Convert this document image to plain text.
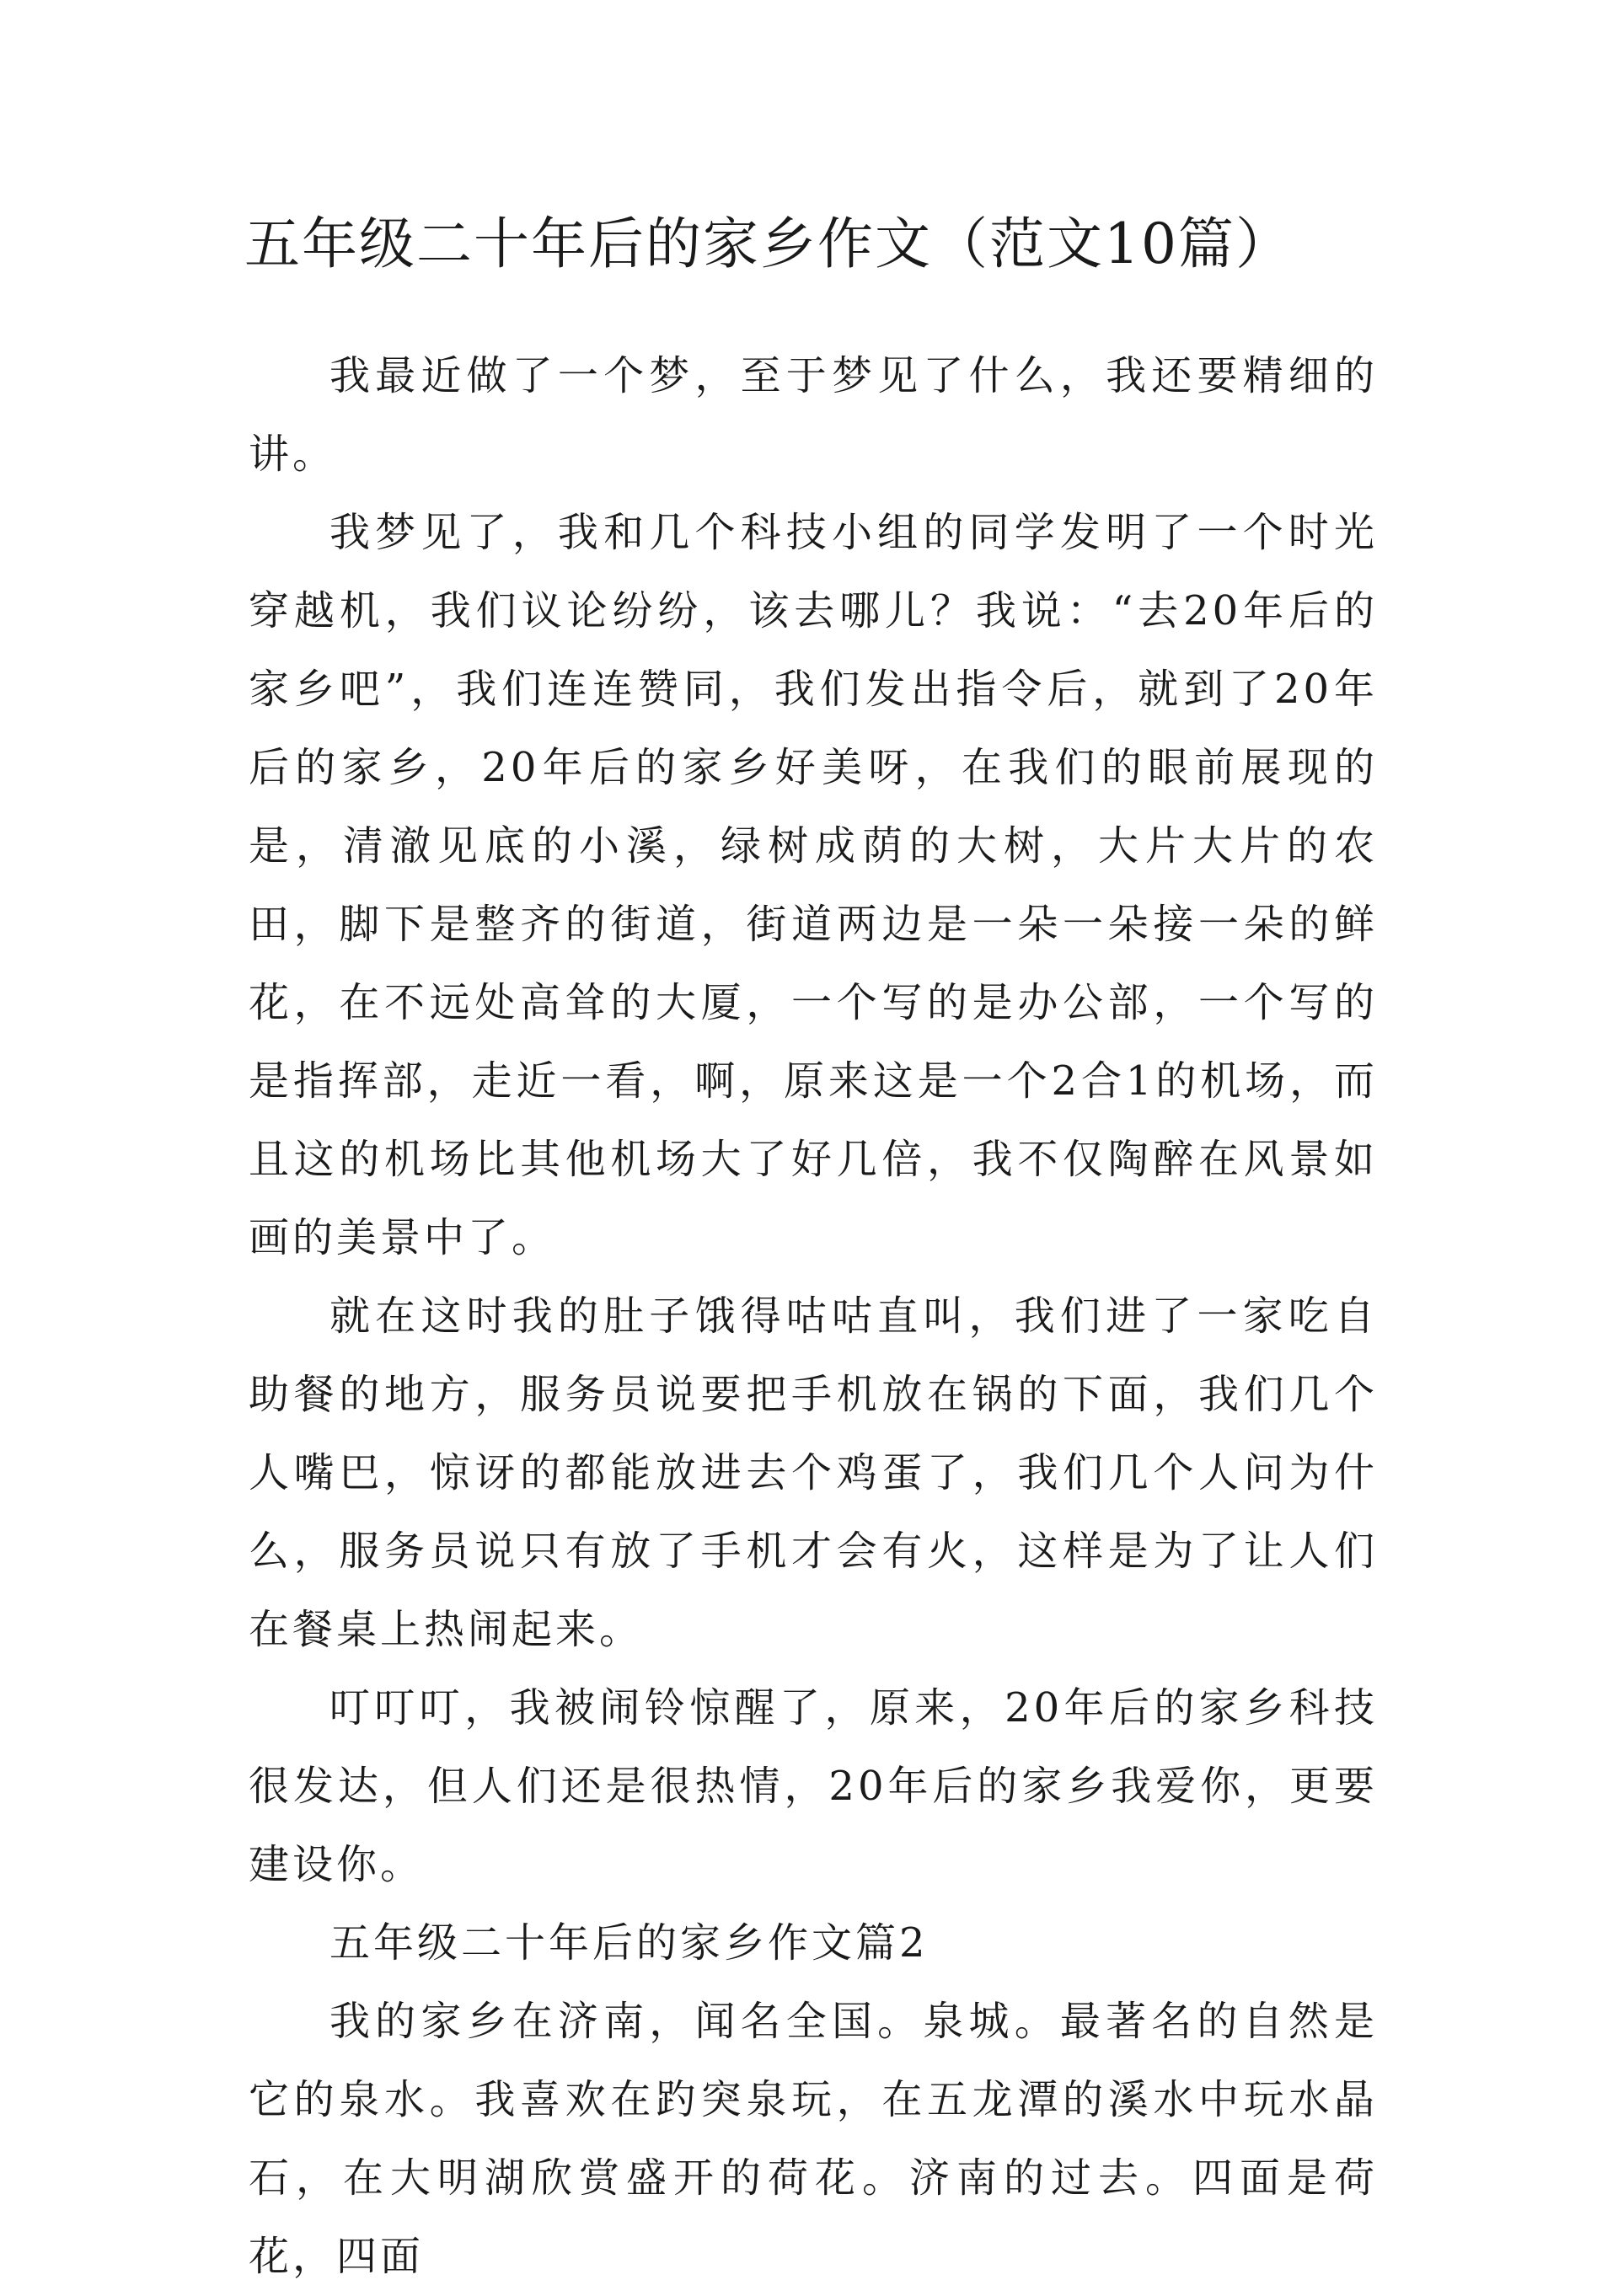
五年级二十年后的家乡作文（范文10篇）

我最近做了一个梦，至于梦见了什么，我还要精细的讲。

我梦见了，我和几个科技小组的同学发明了一个时光穿越机，我们议论纷纷，该去哪儿？我说：“去20年后的家乡吧”，我们连连赞同，我们发出指令后，就到了20年后的家乡，20年后的家乡好美呀，在我们的眼前展现的是，清澈见底的小溪，绿树成荫的大树，大片大片的农田，脚下是整齐的街道，街道两边是一朵一朵接一朵的鲜花，在不远处高耸的大厦，一个写的是办公部，一个写的是指挥部，走近一看，啊，原来这是一个2合1的机场，而且这的机场比其他机场大了好几倍，我不仅陶醉在风景如画的美景中了。

就在这时我的肚子饿得咕咕直叫，我们进了一家吃自助餐的地方，服务员说要把手机放在锅的下面，我们几个人嘴巴，惊讶的都能放进去个鸡蛋了，我们几个人问为什么，服务员说只有放了手机才会有火，这样是为了让人们在餐桌上热闹起来。

叮叮叮，我被闹铃惊醒了，原来，20年后的家乡科技很发达，但人们还是很热情，20年后的家乡我爱你，更要建设你。

五年级二十年后的家乡作文篇2

我的家乡在济南，闻名全国。泉城。最著名的自然是它的泉水。我喜欢在趵突泉玩，在五龙潭的溪水中玩水晶石，在大明湖欣赏盛开的荷花。济南的过去。四面是荷花，四面
